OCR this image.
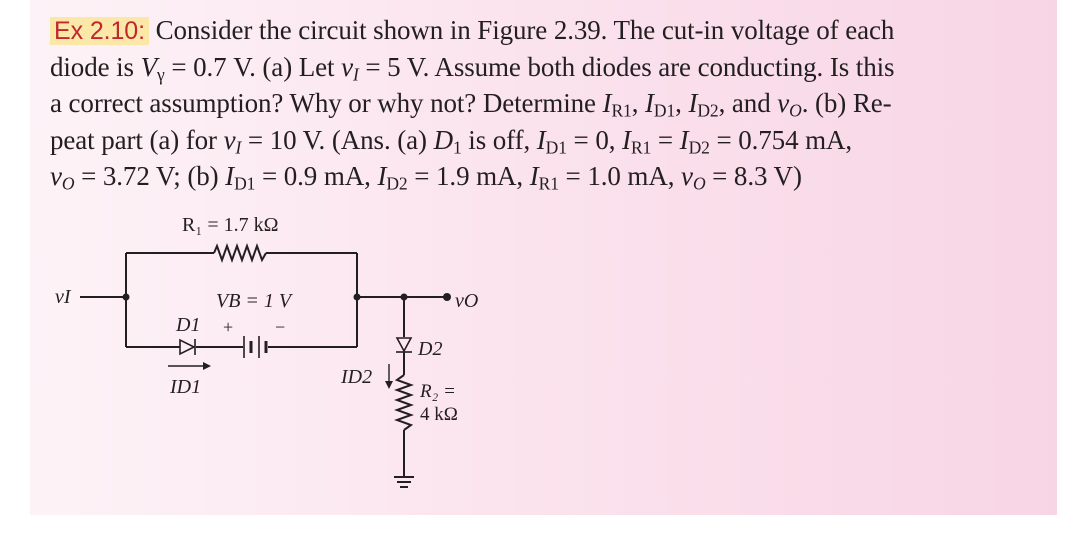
Ex 2.10: Consider the circuit shown in Figure 2.39. The cut-in voltage of each
diode is $V_\gamma = 0.7$ V. (a) Let $v_I = 5$ V. Assume both diodes are conducting. Is this
a correct assumption? Why or why not? Determine $I_{R1}$, $I_{D1}$, $I_{D2}$, and $v_O$. (b) Re-
peat part (a) for $v_I = 10$ V. (Ans. (a) $D_1$ is off, $I_{D1} = 0$, $I_{R1} = I_{D2} = 0.754$ mA,
$v_O = 3.72$ V; (b) $I_{D1} = 0.9$ mA, $I_{D2} = 1.9$ mA, $I_{R1} = 1.0$ mA, $v_O = 8.3$ V)
R₁ = 1.7 kΩ
vI	VB = 1 V
D1 + −
ID1
vO
D2
ID2
R₂ =
4 kΩ
